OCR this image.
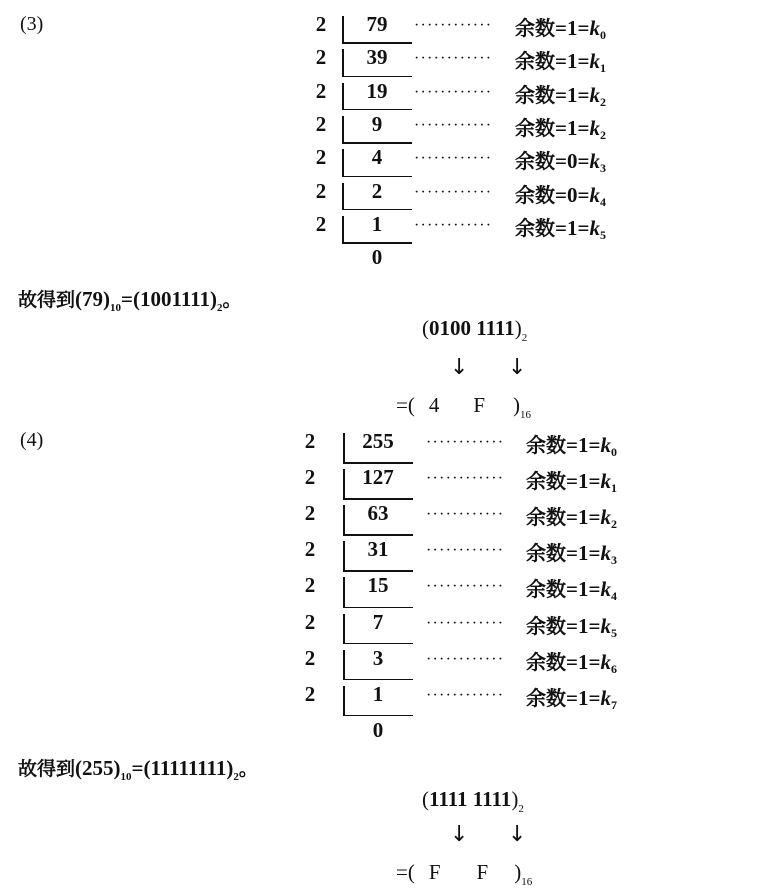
(3)	2	79	············ 余数$=1=k_0$
2	39	············ 余数$=1=k_1$
2	19	············ 余数$=1=k_2$
2	9	············ 余数$=1=k_2$
2	4	············ 余数$=0=k_3$
2	2	············ 余数$=0=k_4$
2	1	············ 余数$=1=k_5$
0
故得到$(79)_{10}=(1001111)_2$。
(0100 $1111)_2$
↓ ↓
=( 4 F )$_{16}$
(4)	2	255	············ 余数$=1=k_0$
2	127	············ 余数$=1=k_1$
2	63	············ 余数$=1=k_2$
2	31	············ 余数$=1=k_3$
2	15	············ 余数$=1=k_4$
2	7	············ 余数$=1=k_5$
2	3	············ 余数$=1=k_6$
2	1	············ 余数$=1=k_7$
0
故得到$(255)_{10}=(11111111)_2$。
(1111 $1111)_2$
↓ ↓
=( F F )$_{16}$
